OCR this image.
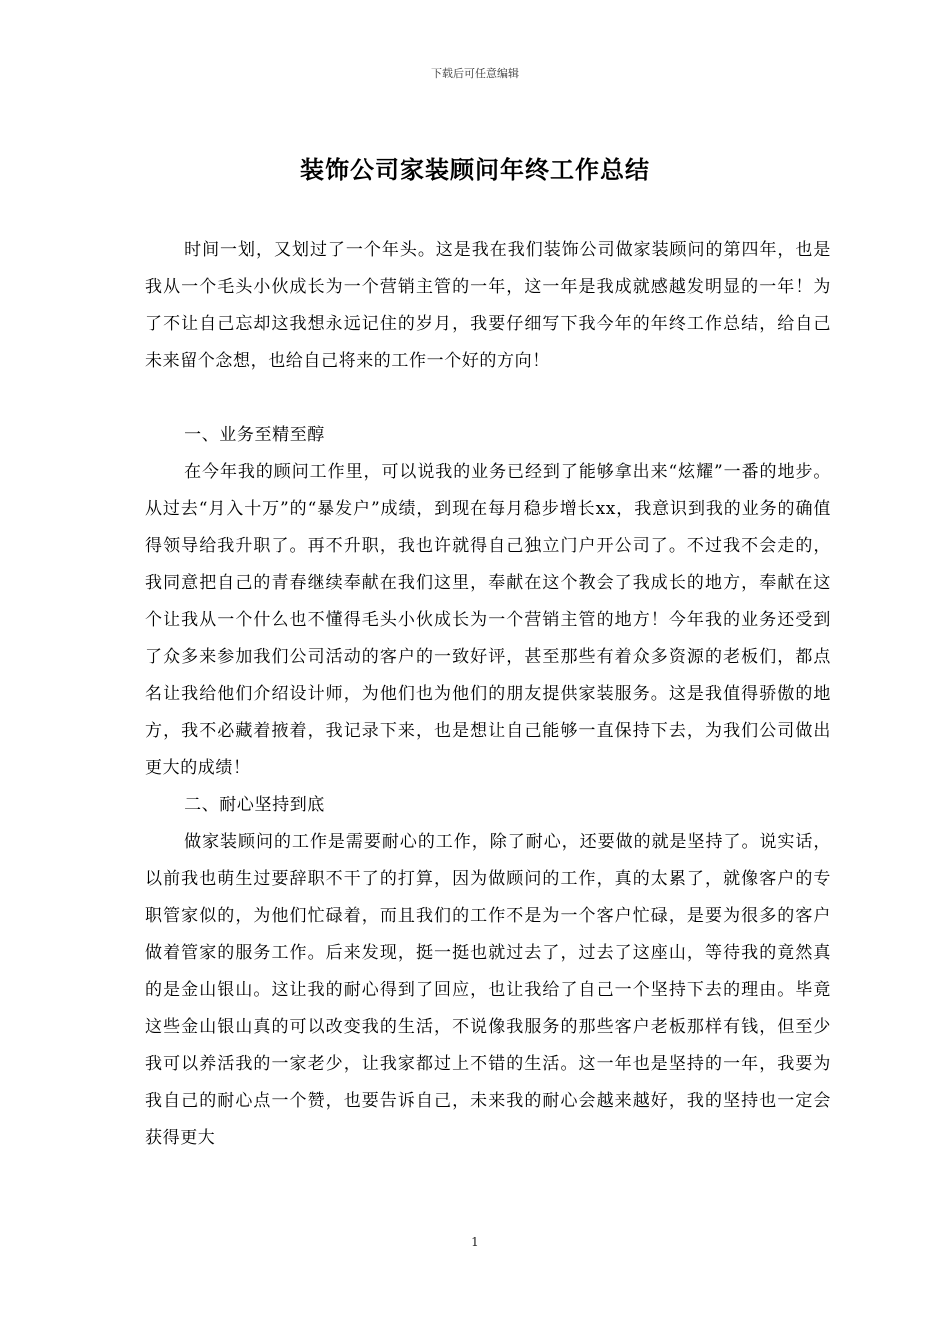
下载后可任意编辑
装饰公司家装顾问年终工作总结

时间一划，又划过了一个年头。这是我在我们装饰公司做家装顾问的第四年，也是我从一个毛头小伙成长为一个营销主管的一年，这一年是我成就感越发明显的一年！为了不让自己忘却这我想永远记住的岁月，我要仔细写下我今年的年终工作总结，给自己未来留个念想，也给自己将来的工作一个好的方向！

一、业务至精至醇

在今年我的顾问工作里，可以说我的业务已经到了能够拿出来“炫耀”一番的地步。从过去“月入十万”的“暴发户”成绩，到现在每月稳步增长xx，我意识到我的业务的确值得领导给我升职了。再不升职，我也许就得自己独立门户开公司了。不过我不会走的，我同意把自己的青春继续奉献在我们这里，奉献在这个教会了我成长的地方，奉献在这个让我从一个什么也不懂得毛头小伙成长为一个营销主管的地方！今年我的业务还受到了众多来参加我们公司活动的客户的一致好评，甚至那些有着众多资源的老板们，都点名让我给他们介绍设计师，为他们也为他们的朋友提供家装服务。这是我值得骄傲的地方，我不必藏着掖着，我记录下来，也是想让自己能够一直保持下去，为我们公司做出更大的成绩！

二、耐心坚持到底

做家装顾问的工作是需要耐心的工作，除了耐心，还要做的就是坚持了。说实话，以前我也萌生过要辞职不干了的打算，因为做顾问的工作，真的太累了，就像客户的专职管家似的，为他们忙碌着，而且我们的工作不是为一个客户忙碌，是要为很多的客户做着管家的服务工作。后来发现，挺一挺也就过去了，过去了这座山，等待我的竟然真的是金山银山。这让我的耐心得到了回应，也让我给了自己一个坚持下去的理由。毕竟这些金山银山真的可以改变我的生活，不说像我服务的那些客户老板那样有钱，但至少我可以养活我的一家老少，让我家都过上不错的生活。这一年也是坚持的一年，我要为我自己的耐心点一个赞，也要告诉自己，未来我的耐心会越来越好，我的坚持也一定会获得更大

1
